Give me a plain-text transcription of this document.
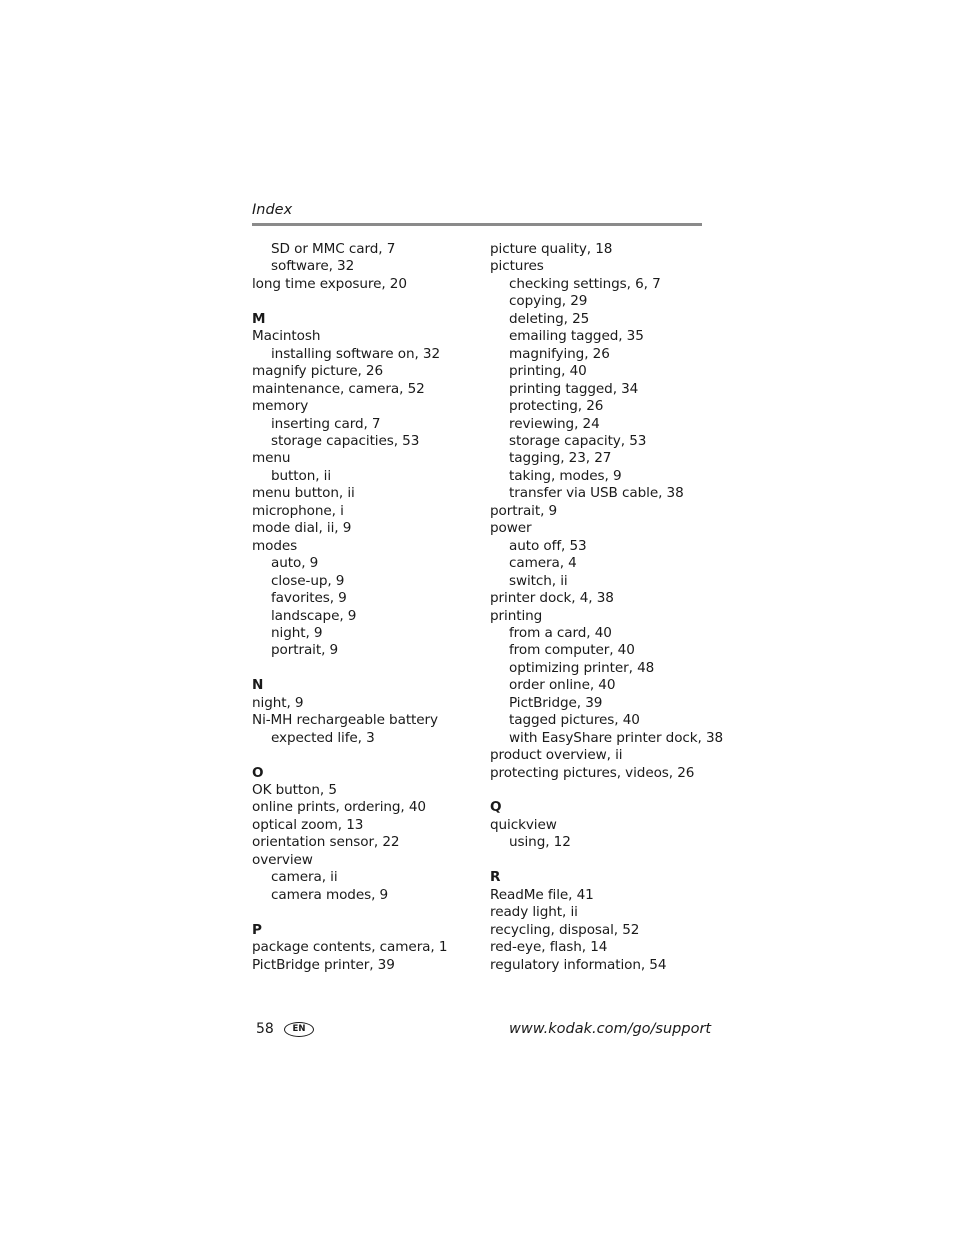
Index
SD or MMC card, 7
software, 32
long time exposure, 20
M
Macintosh
installing software on, 32
magnify picture, 26
maintenance, camera, 52
memory
inserting card, 7
storage capacities, 53
menu
button, ii
menu button, ii
microphone, i
mode dial, ii, 9
modes
auto, 9
close-up, 9
favorites, 9
landscape, 9
night, 9
portrait, 9
N
night, 9
Ni-MH rechargeable battery
expected life, 3
O
OK button, 5
online prints, ordering, 40
optical zoom, 13
orientation sensor, 22
overview
camera, ii
camera modes, 9
P
package contents, camera, 1
PictBridge printer, 39
picture quality, 18
pictures
checking settings, 6, 7
copying, 29
deleting, 25
emailing tagged, 35
magnifying, 26
printing, 40
printing tagged, 34
protecting, 26
reviewing, 24
storage capacity, 53
tagging, 23, 27
taking, modes, 9
transfer via USB cable, 38
portrait, 9
power
auto off, 53
camera, 4
switch, ii
printer dock, 4, 38
printing
from a card, 40
from computer, 40
optimizing printer, 48
order online, 40
PictBridge, 39
tagged pictures, 40
with EasyShare printer dock, 38
product overview, ii
protecting pictures, videos, 26
Q
quickview
using, 12
R
ReadMe file, 41
ready light, ii
recycling, disposal, 52
red-eye, flash, 14
regulatory information, 54
58	EN	www.kodak.com/go/support
